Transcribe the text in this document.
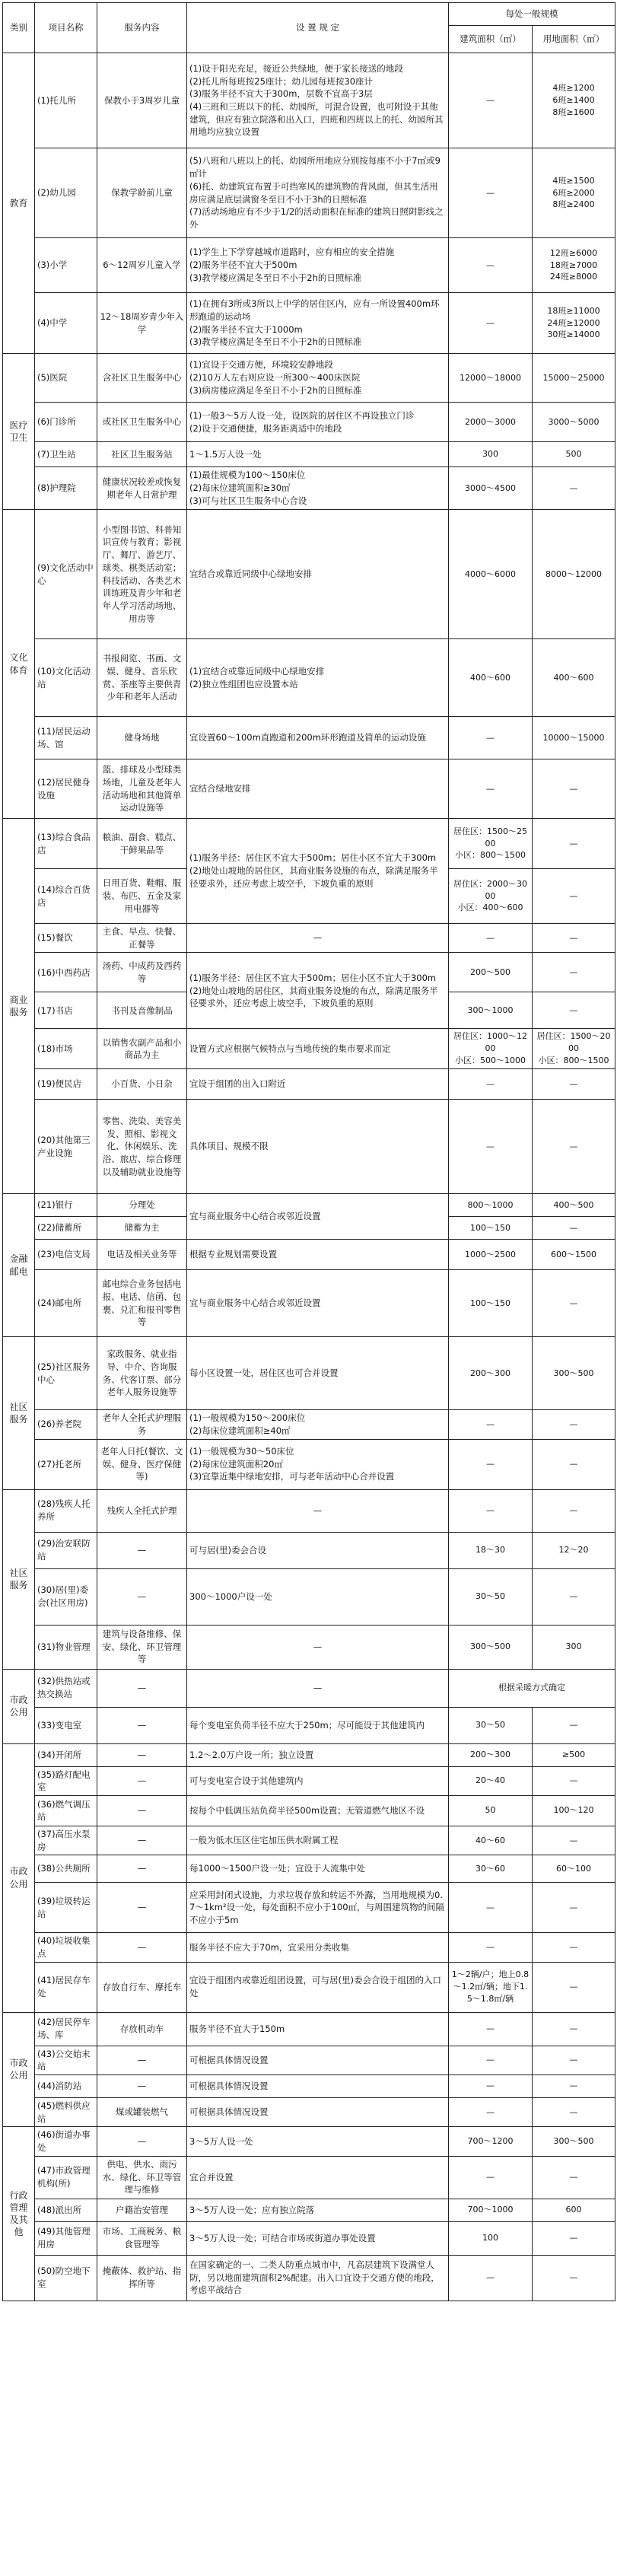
类别	项目名称	服务内容	设 置 规 定	每处一般规模	
				建筑面积（㎡）	用地面积（㎡）
教育	(1)托儿所	保教小于3周岁儿童	(1)设于阳光充足，接近公共绿地，便于家长接送的地段
(2)托儿所每班按25座计；幼儿园每班按30座计
(3)服务半径不宜大于300m，层数不宜高于3层
(4)三班和三班以下的托、幼园所，可混合设置，也可附设于其他建筑，但应有独立院落和出入口，四班和四班以上的托、幼园所其用地均应独立设置	—	4班≥1200
6班≥1400
8班≥1600
	(2)幼儿园	保教学龄前儿童	(5)八班和八班以上的托、幼园所用地应分别按每座不小于7㎡或9㎡计
(6)托、幼建筑宜布置于可挡寒风的建筑物的背风面，但其生活用房应满足底层满窗冬至日不小于3h的日照标准
(7)活动场地应有不少于1/2的活动面积在标准的建筑日照阴影线之外	—	4班≥1500
6班≥2000
8班≥2400
	(3)小学	6～12周岁儿童入学	(1)学生上下学穿越城市道路时，应有相应的安全措施
(2)服务半径不宜大于500m
(3)教学楼应满足冬至日不小于2h的日照标准	—	12班≥6000
18班≥7000
24班≥8000
	(4)中学	12～18周岁青少年入学	(1)在拥有3所或3所以上中学的居住区内，应有一所设置400m环形跑道的运动场
(2)服务半径不宜大于1000m
(3)教学楼应满足冬至日不小于2h的日照标准	—	18班≥11000
24班≥12000
30班≥14000
医疗卫生	(5)医院	含社区卫生服务中心	(1)宜设于交通方便，环境较安静地段
(2)10万人左右则应设一所300～400床医院
(3)病房楼应满足冬至日不小于2h的日照标准	12000～18000	15000～25000
	(6)门诊所	或社区卫生服务中心	(1)一般3～5万人设一处，设医院的居住区不再设独立门诊
(2)设于交通便捷，服务距离适中的地段	2000～3000	3000～5000
	(7)卫生站	社区卫生服务站	1～1.5万人设一处	300	500
	(8)护理院	健康状况较差或恢复期老年人日常护理	(1)最佳规模为100～150床位
(2)每床位建筑面积≥30㎡
(3)可与社区卫生服务中心合设	3000～4500	—
文化体育	(9)文化活动中心	小型图书馆、科普知识宣传与教育；影视厅、舞厅、游艺厅、球类、棋类活动室；科技活动、各类艺术训练班及青少年和老年人学习活动场地、用房等	宜结合或靠近同级中心绿地安排	4000～6000	8000～12000
	(10)文化活动站	书报阅览、书画、文娱、健身、音乐欣赏、茶座等主要供青少年和老年人活动	(1)宜结合或靠近同级中心绿地安排
(2)独立性组团也应设置本站	400～600	400～600
	(11)居民运动场、馆	健身场地	宜设置60～100m直跑道和200m环形跑道及简单的运动设施	—	10000～15000
	(12)居民健身设施	篮、排球及小型球类场地，儿童及老年人活动场地和其他简单运动设施等	宜结合绿地安排	—	—
商业服务	(13)综合食品店	粮油、副食、糕点、干鲜果品等	(1)服务半径：居住区不宜大于500m；居住小区不宜大于300m
(2)地处山坡地的居住区，其商业服务设施的布点，除满足服务半径要求外，还应考虑上坡空手，下坡负重的原则	居住区：1500～2500
小区：800～1500	—
	(14)综合百货店	日用百货、鞋帽、服装、布匹、五金及家用电器等		居住区：2000～3000
小区：400～600	—
	(15)餐饮	主食、早点、快餐、正餐等	—	—	—
	(16)中西药店	汤药、中成药及西药等	(1)服务半径：居住区不宜大于500m；居住小区不宜大于300m
(2)地处山坡地的居住区，其商业服务设施的布点，除满足服务半径要求外，还应考虑上坡空手，下坡负重的原则	200～500	—
	(17)书店	书刊及音像制品		300～1000	—
	(18)市场	以销售农副产品和小商品为主	设置方式应根据气候特点与当地传统的集市要求而定	居住区：1000～1200
小区：500～1000	居住区：1500～2000
小区：800～1500
	(19)便民店	小百货、小日杂	宜设于组团的出入口附近	—	—
	(20)其他第三产业设施	零售、洗染、美容美发、照相、影视文化、休闲娱乐、洗浴、旅店、综合修理以及辅助就业设施等	具体项目、规模不限	—	—
金融邮电	(21)银行	分理处	宜与商业服务中心结合或邻近设置	800～1000	400～500
	(22)储蓄所	储蓄为主		100～150	—
	(23)电信支局	电话及相关业务等	根据专业规划需要设置	1000～2500	600～1500
	(24)邮电所	邮电综合业务包括电报、电话、信函、包裹、兑汇和报刊零售等	宜与商业服务中心结合或邻近设置	100～150	—
社区服务	(25)社区服务中心	家政服务、就业指导、中介、咨询服务、代客订票、部分老年人服务设施等	每小区设置一处，居住区也可合并设置	200～300	300～500
	(26)养老院	老年人全托式护理服务	(1)一般规模为150～200床位
(2)每床位建筑面积≥40㎡	—	—
	(27)托老所	老年人日托(餐饮、文娱、健身、医疗保健等)	(1)一般规模为30～50床位
(2)每床位建筑面积20㎡
(3)宜靠近集中绿地安排，可与老年活动中心合并设置	—	—
社区服务	(28)残疾人托养所	残疾人全托式护理	—	—	—
	(29)治安联防站	—	可与居(里)委会合设	18～30	12～20
	(30)居(里)委会(社区用房)	—	300～1000户设一处	30～50	—
	(31)物业管理	建筑与设备维修、保安、绿化、环卫管理等	—	300～500	300
市政公用	(32)供热站或热交换站	—	—	根据采暖方式确定	
	(33)变电室	—	每个变电室负荷半径不应大于250m；尽可能设于其他建筑内	30～50	—
市政公用	(34)开闭所	—	1.2～2.0万户设一所；独立设置	200～300	≥500
	(35)路灯配电室	—	可与变电室合设于其他建筑内	20～40	—
	(36)燃气调压站	—	按每个中低调压站负荷半径500m设置；无管道燃气地区不设	50	100～120
	(37)高压水泵房	—	一般为低水压区住宅加压供水附属工程	40～60	—
	(38)公共厕所	—	每1000～1500户设一处；宜设于人流集中处	30～60	60～100
	(39)垃圾转运站	—	应采用封闭式设施，力求垃圾存放和转运不外露，当用地规模为0.7～1km²设一处，每处面积不应小于100㎡，与周围建筑物的间隔不应小于5m	—	—
	(40)垃圾收集点	—	服务半径不应大于70m，宜采用分类收集	—	—
	(41)居民存车处	存放自行车、摩托车	宜设于组团内或靠近组团设置，可与居(里)委会合设于组团的入口处	1～2辆/户；地上0.8～1.2㎡/辆；地下1.5～1.8㎡/辆	—
市政公用	(42)居民停车场、库	存放机动车	服务半径不宜大于150m	—	—
	(43)公交始末站	—	可根据具体情况设置	—	—
	(44)消防站	—	可根据具体情况设置	—	—
	(45)燃料供应站	煤或罐装燃气	可根据具体情况设置	—	—
行政管理及其他	(46)街道办事处	—	3～5万人设一处	700～1200	300～500
	(47)市政管理机构(所)	供电、供水、雨污水、绿化、环卫等管理与维修	宜合并设置	—	—
	(48)派出所	户籍治安管理	3～5万人设一处；应有独立院落	700～1000	600
	(49)其他管理用房	市场、工商税务、粮食管理等	3～5万人设一处；可结合市场或街道办事处设置	100	—
	(50)防空地下室	掩蔽体、救护站、指挥所等	在国家确定的一、二类人防重点城市中，凡高层建筑下设满堂人防，另以地面建筑面积2%配建。出入口宜设于交通方便的地段，考虑平战结合	—	—
